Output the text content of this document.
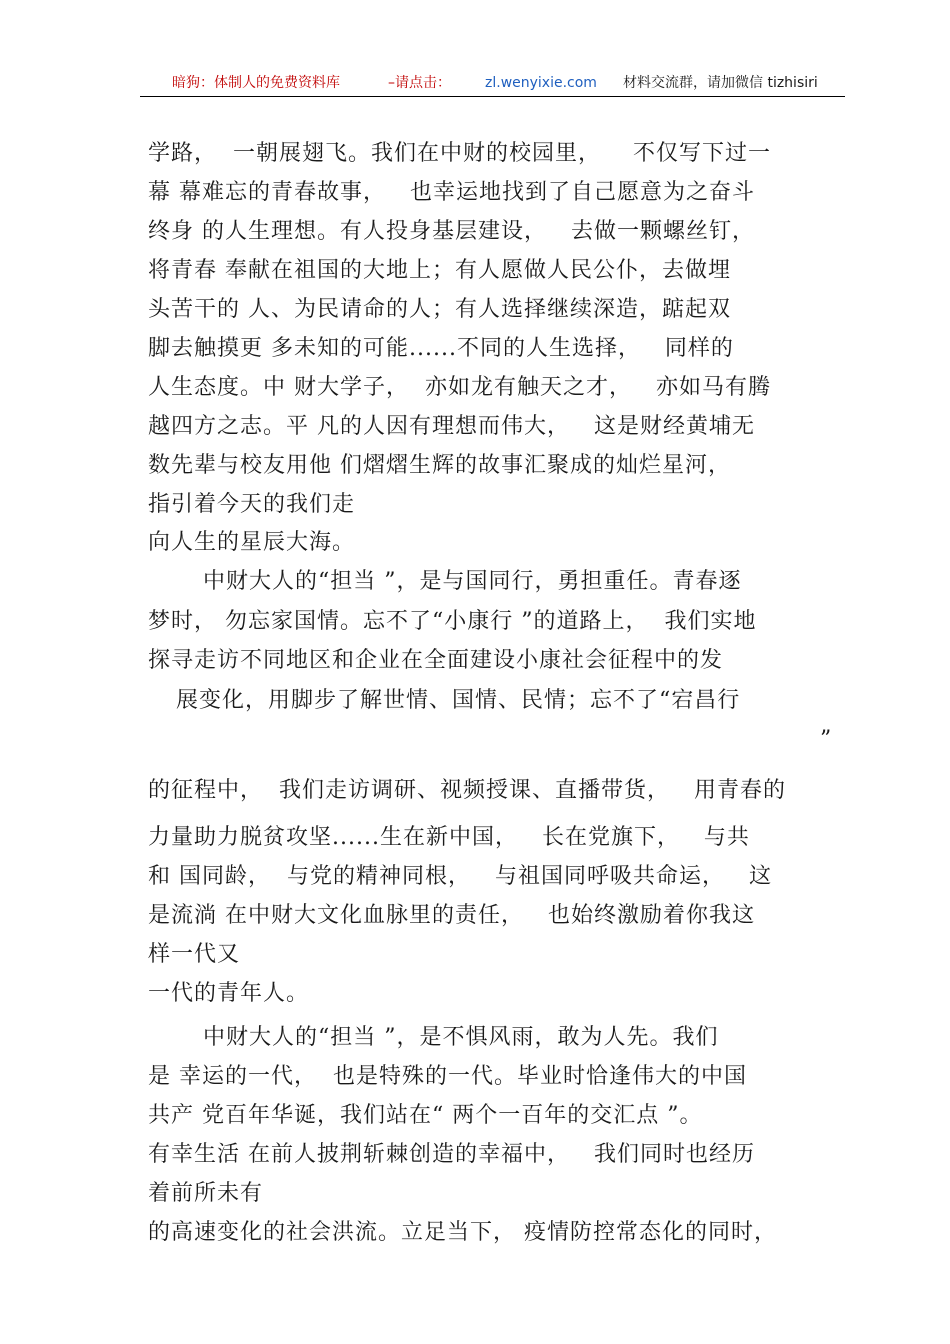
暗狗：体制人的免费资料库	–请点击： zl.wenyixie.com 材料交流群，请加微信 tizhisiri
学路，  一朝展翅飞。我们在中财的校园里，    不仅写下过一
幕 幕难忘的青春故事，   也幸运地找到了自己愿意为之奋斗
终身 的人生理想。有人投身基层建设，   去做一颗螺丝钉，
将青春 奉献在祖国的大地上；有人愿做人民公仆，去做埋
头苦干的 人、为民请命的人；有人选择继续深造，踮起双
脚去触摸更 多未知的可能......不同的人生选择，   同样的
人生态度。中 财大学子，  亦如龙有触天之才，   亦如马有腾
越四方之志。平 凡的人因有理想而伟大，   这是财经黄埔无
数先辈与校友用他 们熠熠生辉的故事汇聚成的灿烂星河，
指引着今天的我们走
向人生的星辰大海。
中财大人的“担当 ”，是与国同行，勇担重任。青春逐
梦时， 勿忘家国情。忘不了“小康行 ”的道路上，  我们实地
探寻走访不同地区和企业在全面建设小康社会征程中的发
展变化，用脚步了解世情、国情、民情；忘不了“宕昌行
”
的征程中，  我们走访调研、视频授课、直播带货，   用青春的
力量助力脱贫攻坚......生在新中国，   长在党旗下，   与共
和 国同龄，  与党的精神同根，   与祖国同呼吸共命运，   这
是流淌 在中财大文化血脉里的责任，   也始终激励着你我这
样一代又
一代的青年人。
中财大人的“担当 ”，是不惧风雨，敢为人先。我们
是 幸运的一代，  也是特殊的一代。毕业时恰逢伟大的中国
共产 党百年华诞，我们站在“ 两个一百年的交汇点 ”。
有幸生活 在前人披荆斩棘创造的幸福中，   我们同时也经历
着前所未有
的高速变化的社会洪流。立足当下， 疫情防控常态化的同时，
